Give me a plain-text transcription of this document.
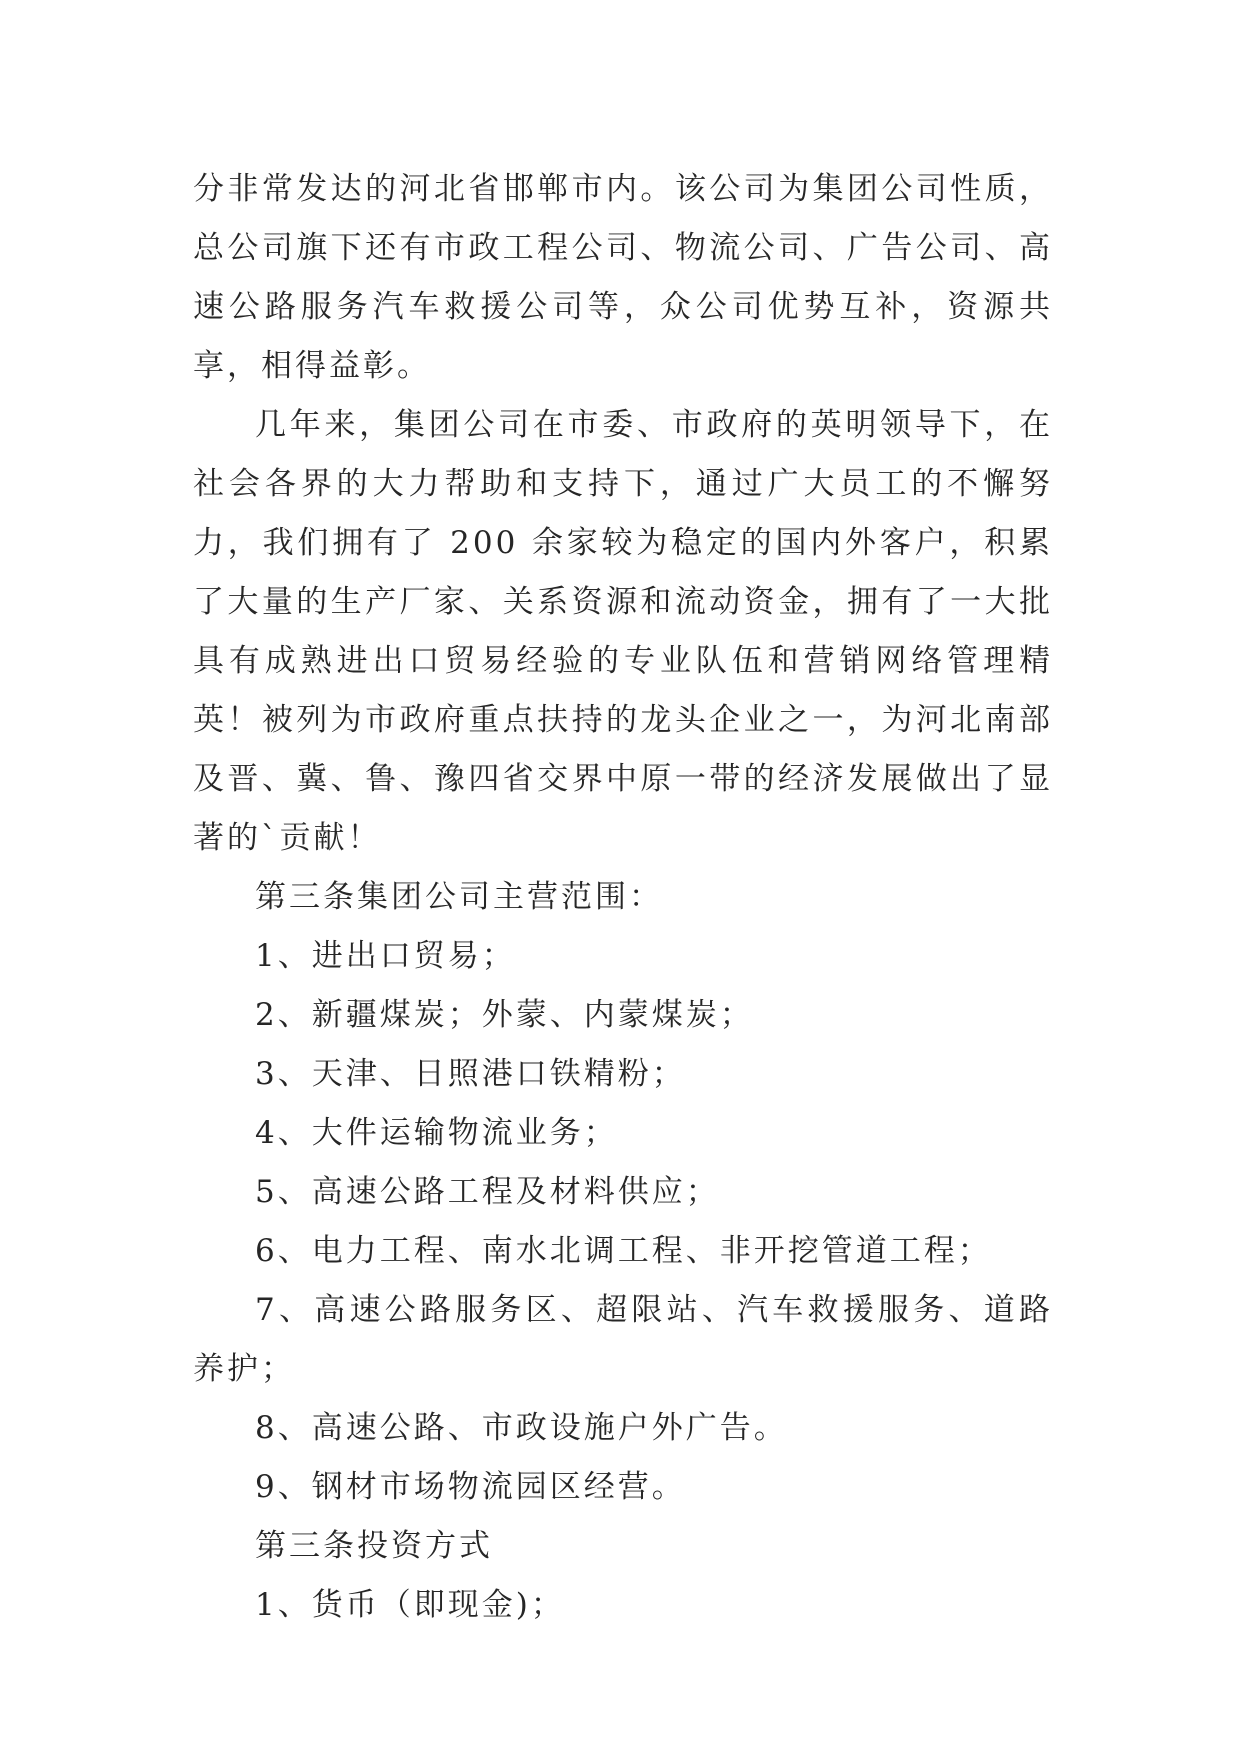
分非常发达的河北省邯郸市内。该公司为集团公司性质，总公司旗下还有市政工程公司、物流公司、广告公司、高速公路服务汽车救援公司等，众公司优势互补，资源共享，相得益彰。

几年来，集团公司在市委、市政府的英明领导下，在社会各界的大力帮助和支持下，通过广大员工的不懈努力，我们拥有了 200 余家较为稳定的国内外客户，积累了大量的生产厂家、关系资源和流动资金，拥有了一大批具有成熟进出口贸易经验的专业队伍和营销网络管理精英！被列为市政府重点扶持的龙头企业之一，为河北南部及晋、冀、鲁、豫四省交界中原一带的经济发展做出了显著的`贡献！

第三条集团公司主营范围：

1、进出口贸易；

2、新疆煤炭；外蒙、内蒙煤炭；

3、天津、日照港口铁精粉；

4、大件运输物流业务；

5、高速公路工程及材料供应；

6、电力工程、南水北调工程、非开挖管道工程；

7、高速公路服务区、超限站、汽车救援服务、道路养护；

8、高速公路、市政设施户外广告。

9、钢材市场物流园区经营。

第三条投资方式

1、货币（即现金)；
